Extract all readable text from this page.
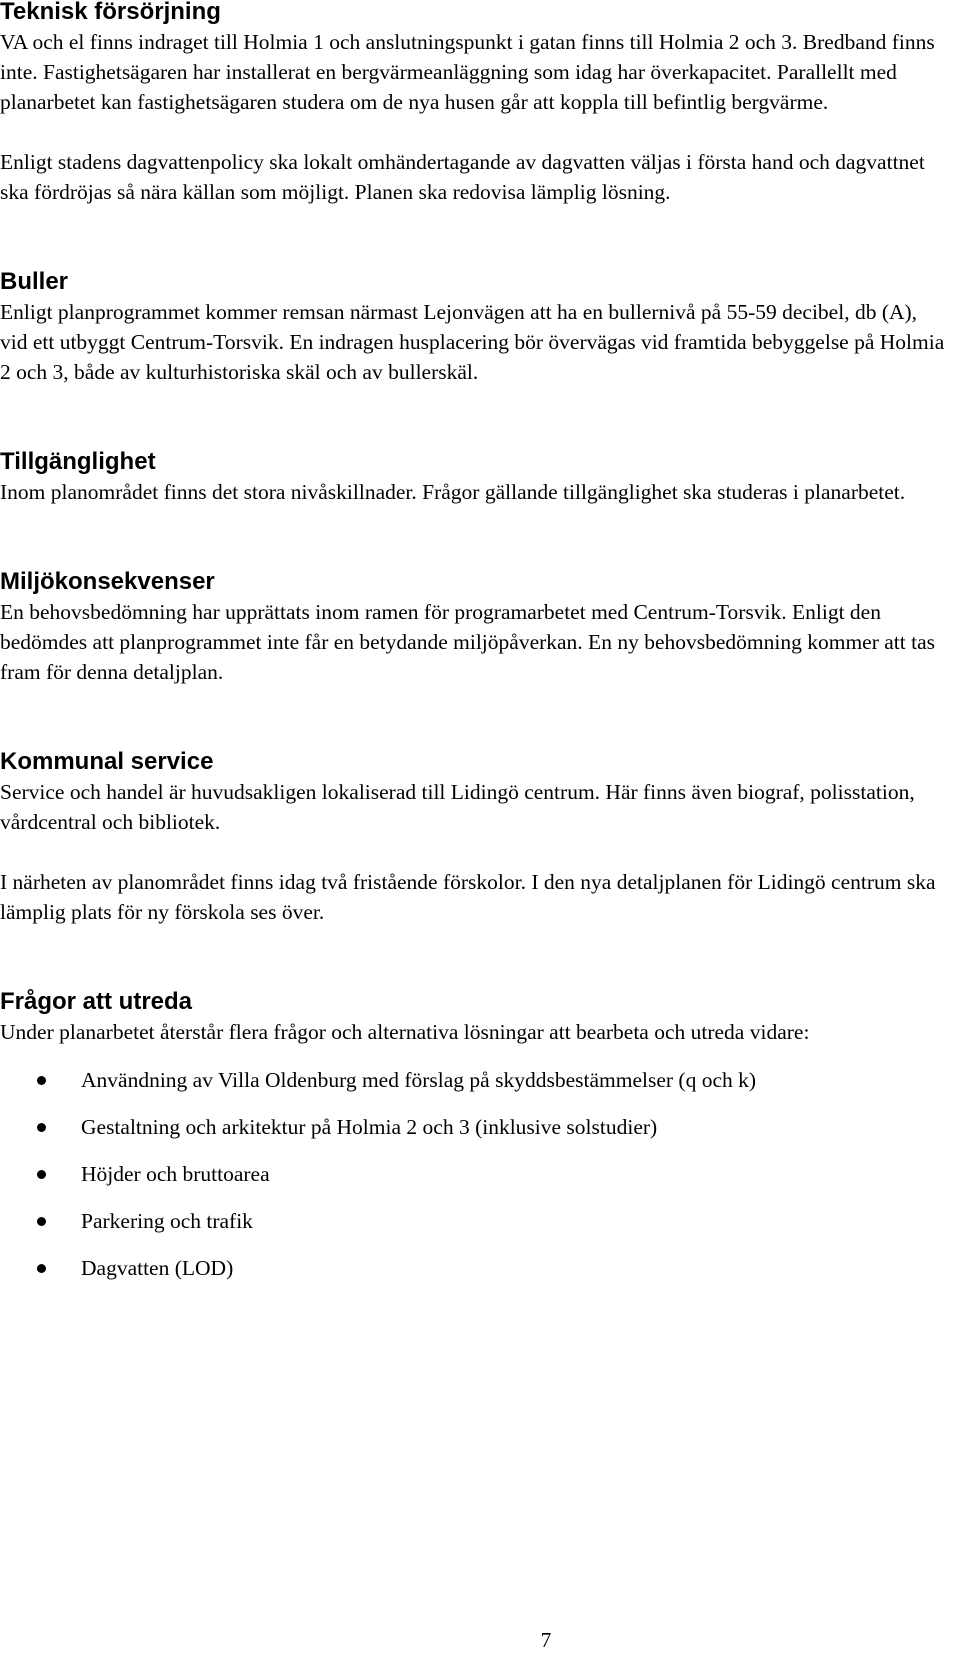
Teknisk försörjning

VA och el finns indraget till Holmia 1 och anslutningspunkt i gatan finns till Holmia 2 och 3. Bredband finns inte. Fastighetsägaren har installerat en bergvärmeanläggning som idag har överkapacitet. Parallellt med planarbetet kan fastighetsägaren studera om de nya husen går att koppla till befintlig bergvärme.

Enligt stadens dagvattenpolicy ska lokalt omhändertagande av dagvatten väljas i första hand och dagvattnet ska fördröjas så nära källan som möjligt. Planen ska redovisa lämplig lösning.

Buller

Enligt planprogrammet kommer remsan närmast Lejonvägen att ha en bullernivå på 55-59 decibel, db (A), vid ett utbyggt Centrum-Torsvik. En indragen husplacering bör övervägas vid framtida bebyggelse på Holmia 2 och 3, både av kulturhistoriska skäl och av bullerskäl.

Tillgänglighet

Inom planområdet finns det stora nivåskillnader. Frågor gällande tillgänglighet ska studeras i planarbetet.

Miljökonsekvenser

En behovsbedömning har upprättats inom ramen för programarbetet med Centrum-Torsvik. Enligt den bedömdes att planprogrammet inte får en betydande miljöpåverkan. En ny behovsbedömning kommer att tas fram för denna detaljplan.

Kommunal service

Service och handel är huvudsakligen lokaliserad till Lidingö centrum. Här finns även biograf, polisstation, vårdcentral och bibliotek.

I närheten av planområdet finns idag två fristående förskolor. I den nya detaljplanen för Lidingö centrum ska lämplig plats för ny förskola ses över.

Frågor att utreda

Under planarbetet återstår flera frågor och alternativa lösningar att bearbeta och utreda vidare:

Användning av Villa Oldenburg med förslag på skyddsbestämmelser (q och k)
Gestaltning och arkitektur på Holmia 2 och 3 (inklusive solstudier)
Höjder och bruttoarea
Parkering och trafik
Dagvatten (LOD)
7
